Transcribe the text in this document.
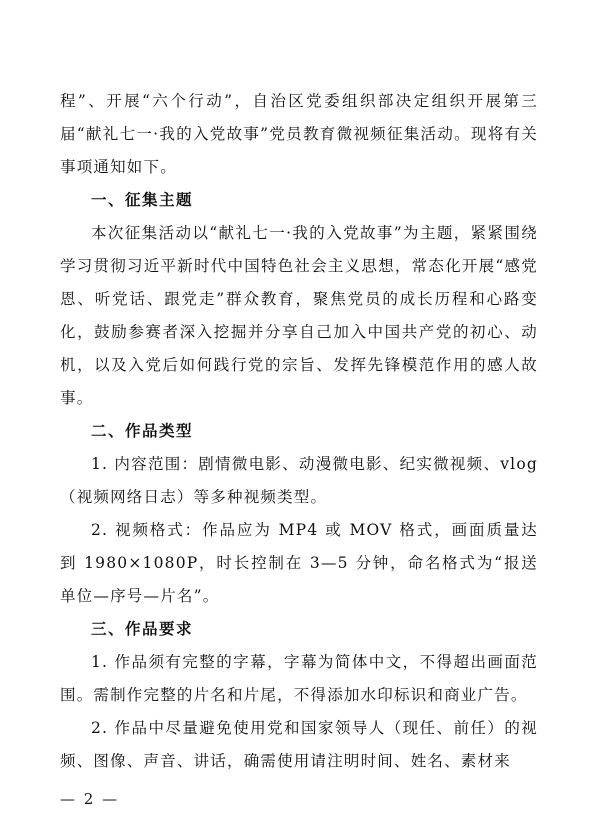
程”、开展“六个行动”，自治区党委组织部决定组织开展第三届“献礼七一·我的入党故事”党员教育微视频征集活动。现将有关事项通知如下。

一、征集主题

本次征集活动以“献礼七一·我的入党故事”为主题，紧紧围绕学习贯彻习近平新时代中国特色社会主义思想，常态化开展“感党恩、听党话、跟党走”群众教育，聚焦党员的成长历程和心路变化，鼓励参赛者深入挖掘并分享自己加入中国共产党的初心、动机，以及入党后如何践行党的宗旨、发挥先锋模范作用的感人故事。

二、作品类型

1. 内容范围：剧情微电影、动漫微电影、纪实微视频、vlog（视频网络日志）等多种视频类型。

2. 视频格式：作品应为 MP4 或 MOV 格式，画面质量达到 1980×1080P，时长控制在 3—5 分钟，命名格式为“报送单位—序号—片名”。

三、作品要求

1. 作品须有完整的字幕，字幕为简体中文，不得超出画面范围。需制作完整的片名和片尾，不得添加水印标识和商业广告。

2. 作品中尽量避免使用党和国家领导人（现任、前任）的视频、图像、声音、讲话，确需使用请注明时间、姓名、素材来

— 2 —
